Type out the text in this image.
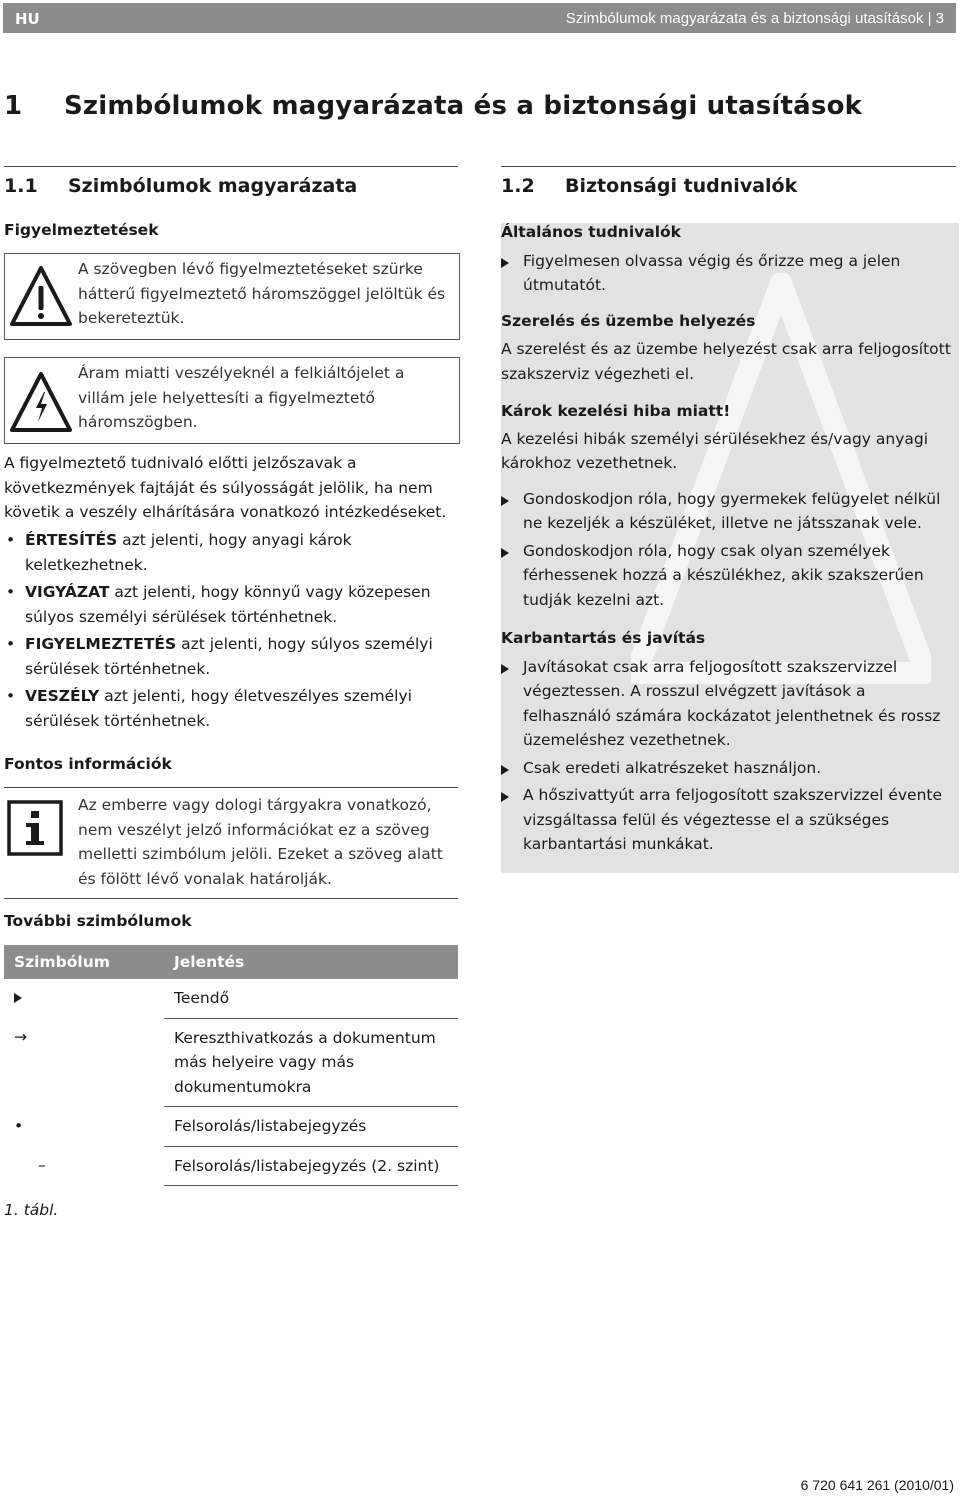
HU	Szimbólumok magyarázata és a biztonsági utasítások | 3
1 Szimbólumok magyarázata és a biztonsági utasítások
1.1 Szimbólumok magyarázata
Figyelmeztetések
A szövegben lévő figyelmeztetéseket szürke hátterű figyelmeztető háromszöggel jelöltük és bekereteztük.
Áram miatti veszélyeknél a felkiáltójelet a villám jele helyettesíti a figyelmeztető háromszögben.
A figyelmeztető tudnivaló előtti jelzőszavak a következmények fajtáját és súlyosságát jelölik, ha nem követik a veszély elhárítására vonatkozó intézkedéseket.
• ÉRTESÍTÉS azt jelenti, hogy anyagi károk keletkezhetnek.
• VIGYÁZAT azt jelenti, hogy könnyű vagy közepesen súlyos személyi sérülések történhetnek.
• FIGYELMEZTETÉS azt jelenti, hogy súlyos személyi sérülések történhetnek.
• VESZÉLY azt jelenti, hogy életveszélyes személyi sérülések történhetnek.
Fontos információk
Az emberre vagy dologi tárgyakra vonatkozó, nem veszélyt jelző információkat ez a szöveg melletti szimbólum jelöli. Ezeket a szöveg alatt és fölött lévő vonalak határolják.
További szimbólumok
Szimbólum	Jelentés
	Teendő
→	Kereszthivatkozás a dokumentum más helyeire vagy más dokumentumokra
•	Felsorolás/listabejegyzés
–	Felsorolás/listabejegyzés (2. szint)
1. tábl.
1.2 Biztonsági tudnivalók
Általános tudnivalók
Figyelmesen olvassa végig és őrizze meg a jelen útmutatót.
Szerelés és üzembe helyezés
A szerelést és az üzembe helyezést csak arra feljogosított szakszerviz végezheti el.
Károk kezelési hiba miatt!
A kezelési hibák személyi sérülésekhez és/vagy anyagi károkhoz vezethetnek.
Gondoskodjon róla, hogy gyermekek felügyelet nélkül ne kezeljék a készüléket, illetve ne játsszanak vele.
Gondoskodjon róla, hogy csak olyan személyek férhessenek hozzá a készülékhez, akik szakszerűen tudják kezelni azt.
Karbantartás és javítás
Javításokat csak arra feljogosított szakszervizzel végeztessen. A rosszul elvégzett javítások a felhasználó számára kockázatot jelenthetnek és rossz üzemeléshez vezethetnek.
Csak eredeti alkatrészeket használjon.
A hőszivattyút arra feljogosított szakszervizzel évente vizsgáltassa felül és végeztesse el a szükséges karbantartási munkákat.
6 720 641 261 (2010/01)
